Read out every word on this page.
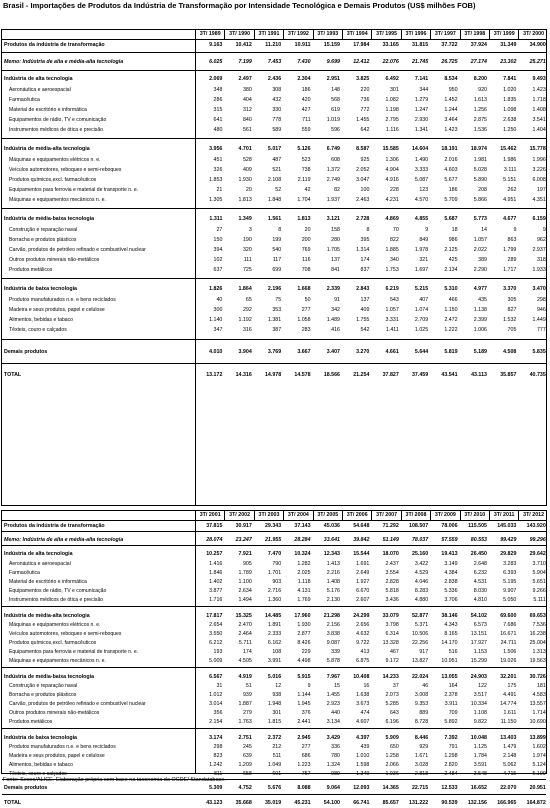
Brasil - Importações de Produtos da Indústria de Transformação por Intensidade Tecnológica e Demais Produtos (US$ milhões FOB)
3T/ 1989	3T/ 1990	3T/ 1991	3T/ 1992	3T/ 1993	3T/ 1994	3T/ 1995	3T/ 1996	3T/ 1997	3T/ 1998	3T/ 1999	3T/ 2000
Produtos da indústria de transformação	9.163	10.412	11.210	10.911	15.159	17.984	33.165	31.815	37.722	37.924	31.349	34.900
Memo: Indústria de alta e média-alta tecnologia	6.025	7.199	7.453	7.430	9.699	12.412	22.076	21.745	26.725	27.174	23.302	25.271
Indústria de alta tecnologia	2.069	2.497	2.436	2.304	2.951	3.825	6.492	7.141	8.534	8.200	7.841	9.493
Aeronáutica e aeroespacial	348	380	308	186	148	220	301	344	950	920	1.020	1.423
Farmacêutica	286	404	432	420	568	736	1.082	1.279	1.452	1.613	1.835	1.718
Material de escritório e informática	315	312	330	427	619	772	1.198	1.247	1.244	1.256	1.098	1.408
Equipamentos de rádio, TV e comunicação	641	840	778	711	1.019	1.455	2.795	2.930	3.464	2.875	2.638	3.541
Instrumentos médicos de ótica e precisão	480	561	589	559	596	642	1.116	1.341	1.423	1.536	1.250	1.404
Indústria de média-alta tecnologia	3.956	4.701	5.017	5.126	6.749	8.587	15.585	14.604	18.191	18.974	15.462	15.778
Máquinas e equipamentos elétricos n. e.	451	528	487	523	608	925	1.306	1.490	2.016	1.981	1.986	1.996
Veículos automotores, reboques e semi-reboques	326	409	521	738	1.372	2.052	4.904	3.333	4.603	5.028	3.111	3.226
Produtos químicos,excl. farmacêuticos	1.853	1.930	2.108	2.119	2.749	3.047	4.916	5.087	5.677	5.890	5.151	6.008
Equipamentos para ferrovia e material de transporte n. e.	21	20	52	42	82	100	228	123	186	208	262	197
Máquinas e equipamentos mecânicos n. e.	1.305	1.813	1.848	1.704	1.937	2.463	4.231	4.570	5.709	5.866	4.951	4.351
Indústria de média-baixa tecnologia	1.311	1.349	1.561	1.813	3.121	2.728	4.869	4.855	5.687	5.773	4.677	6.159
Construção e reparação naval	27	3	8	20	158	8	70	9	18	14	9	9
Borracha e produtos plásticos	150	190	199	200	280	395	822	849	986	1.057	863	962
Carvão, produtos de petróleo refinado e combustível nuclear	394	320	540	769	1.705	1.314	1.885	1.978	2.125	2.022	1.799	2.937
Outros produtos minerais não-metálicos	102	111	117	116	137	174	340	321	425	389	289	318
Produtos metálicos	637	725	699	708	841	837	1.753	1.697	2.134	2.290	1.717	1.933
Indústria de baixa tecnologia	1.826	1.864	2.196	1.668	2.339	2.843	6.219	5.215	5.310	4.977	3.370	3.470
Produtos manufaturados n.e. e bens reciclados	40	65	75	50	91	137	543	407	466	435	305	298
Madeira e seus produtos, papel e celulose	300	292	353	277	342	409	1.057	1.074	1.150	1.138	827	946
Alimentos, bebidas e tabaco	1.140	1.192	1.381	1.058	1.489	1.755	3.331	2.709	2.472	2.399	1.532	1.449
Têxteis, couro e calçados	347	316	387	283	416	542	1.411	1.025	1.222	1.006	705	777
Demais produtos	4.010	3.904	3.769	3.667	3.407	3.270	4.661	5.644	5.819	5.189	4.508	5.835
TOTAL	13.172	14.316	14.978	14.578	18.566	21.254	37.827	37.459	43.541	43.113	35.857	40.735
3T/ 2001	3T/ 2002	3T/ 2003	3T/ 2004	3T/ 2005	3T/ 2006	3T/ 2007	3T/ 2008	3T/ 2009	3T/ 2010	3T/ 2011	3T/ 2012
Produtos da indústria de transformação	37.815	30.917	29.343	37.143	45.036	54.648	71.292	108.507	78.006	115.505	145.033	143.920
Memo: Indústria de alta e média-alta tecnologia	28.074	23.247	21.955	28.284	33.641	39.842	51.149	78.037	57.559	80.553	99.429	99.296
Indústria de alta tecnologia	10.257	7.921	7.470	10.324	12.343	15.544	18.070	25.160	19.413	26.450	29.829	29.642
Aeronáutica e aeroespacial	1.416	905	790	1.282	1.413	1.691	2.437	3.422	3.149	2.648	3.283	3.710
Farmacêutica	1.846	1.789	1.701	2.025	2.216	2.649	3.554	4.529	4.384	6.232	6.393	5.904
Material de escritório e informática	1.402	1.100	903	1.118	1.408	1.927	2.828	4.046	2.838	4.531	5.195	5.651
Equipamentos de rádio, TV e comunicação	3.877	2.634	2.716	4.131	5.176	6.670	5.818	8.283	5.336	8.030	9.907	9.266
Instrumentos médicos de ótica e precisão	1.716	1.494	1.360	1.769	2.130	2.607	3.436	4.880	3.706	4.810	5.050	5.111
Indústria de média-alta tecnologia	17.817	15.325	14.485	17.960	21.298	24.299	33.079	52.877	38.146	54.102	69.600	69.653
Máquinas e equipamentos elétricos n. e.	2.654	2.470	1.891	1.930	2.156	2.656	3.798	5.371	4.343	6.573	7.686	7.536
Veículos automotores, reboques e semi-reboques	3.550	2.464	2.333	2.877	3.838	4.632	6.314	10.506	8.165	13.151	16.671	16.238
Produtos químicos,excl. farmacêuticos	6.212	5.711	6.162	8.426	9.087	9.722	13.328	22.256	14.170	17.927	24.711	25.004
Equipamentos para ferrovia e material de transporte n. e.	193	174	108	229	339	413	467	917	516	1.153	1.506	1.313
Máquinas e equipamentos mecânicos n. e.	5.009	4.505	3.991	4.498	5.878	6.875	9.172	13.827	10.951	15.299	19.026	19.563
Indústria de média-baixa tecnologia	6.567	4.919	5.016	5.915	7.967	10.408	14.233	22.024	13.055	24.903	32.201	30.726
Construção e reparação naval	31	51	12	9	15	16	37	46	164	122	175	181
Borracha e produtos plásticos	1.012	939	938	1.144	1.455	1.638	2.073	3.008	2.378	3.517	4.491	4.583
Carvão, produtos de petróleo refinado e combustível nuclear	3.014	1.887	1.948	1.945	2.923	3.673	5.285	9.353	3.911	10.334	14.774	13.557
Outros produtos minerais não-metálicos	356	279	301	376	440	474	643	889	709	1.108	1.611	1.714
Produtos metálicos	2.154	1.763	1.815	2.441	3.134	4.607	6.196	8.728	5.892	9.822	11.150	10.690
Indústria de baixa tecnologia	3.174	2.751	2.372	2.945	3.429	4.397	5.909	8.446	7.392	10.048	13.403	13.899
Produtos manufaturados n.e. e bens reciclados	298	245	212	277	336	439	650	929	791	1.125	1.479	1.602
Madeira e seus produtos, papel e celulose	823	639	511	686	780	1.010	1.258	1.671	1.298	1.784	2.148	1.974
Alimentos, bebidas e tabaco	1.242	1.209	1.049	1.223	1.324	1.598	2.066	3.028	2.820	3.591	5.062	5.124
Têxteis, couro e calçados	811	658	601	757	989	1.349	1.936	2.818	2.484	3.548	4.715	5.199
Demais produtos	5.309	4.752	5.676	8.088	9.064	12.093	14.365	22.715	12.533	16.652	22.070	20.951
TOTAL	43.123	35.668	35.019	45.231	54.100	66.741	85.657	131.222	90.539	132.156	166.965	164.872
Fonte: Secex/ALICE. Elaboração própria com base na taxonomia da OCDE/ Standatabase.
